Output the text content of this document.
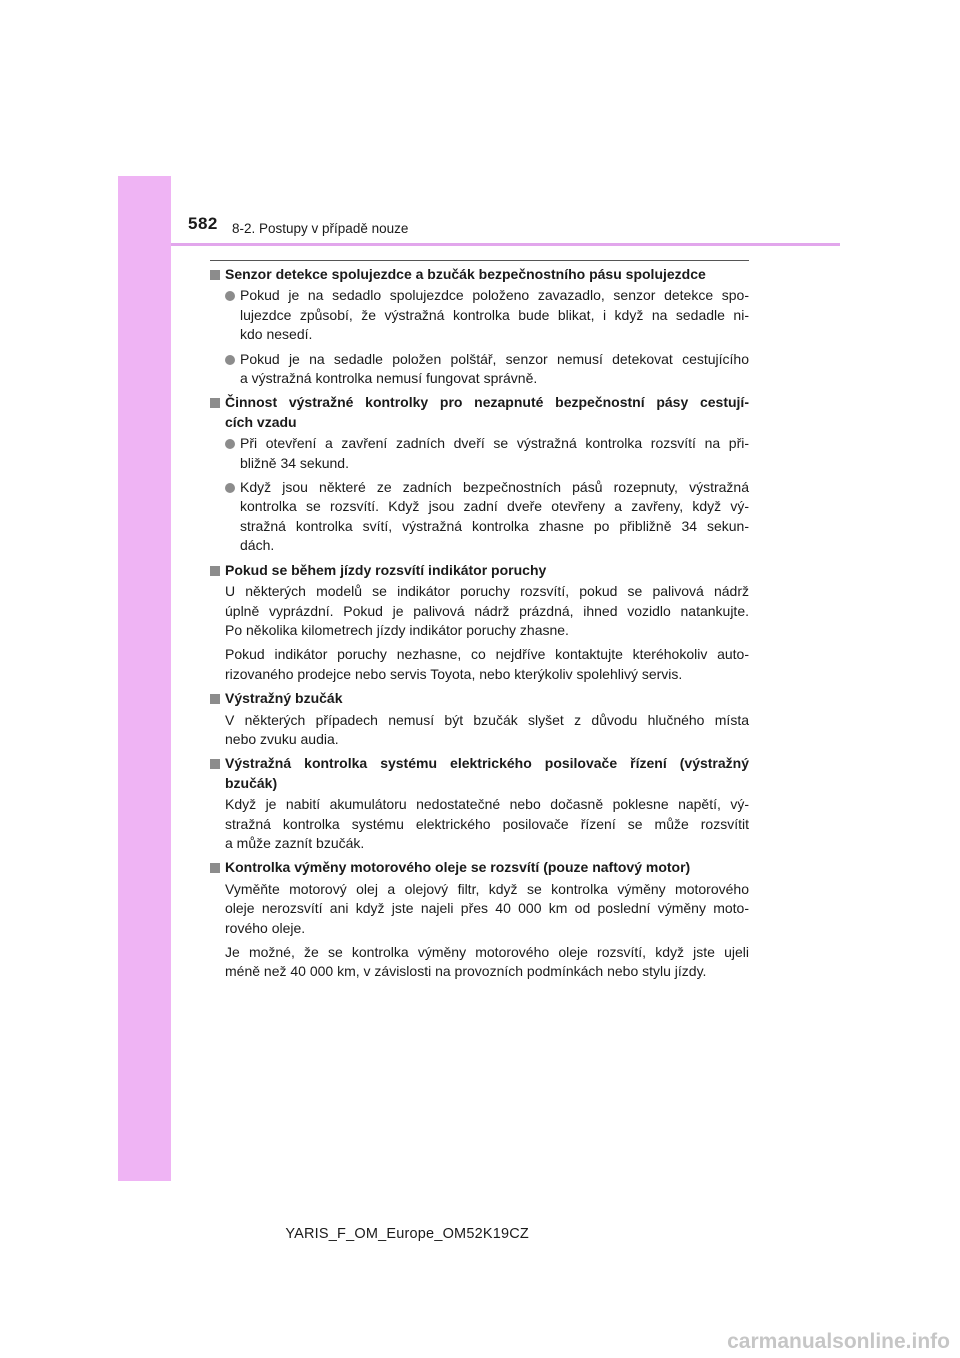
582 8-2. Postupy v případě nouze
Senzor detekce spolujezdce a bzučák bezpečnostního pásu spolujezdce
Pokud je na sedadlo spolujezdce položeno zavazadlo, senzor detekce spo-
lujezdce způsobí, že výstražná kontrolka bude blikat, i když na sedadle ni-
kdo nesedí.
Pokud je na sedadle položen polštář, senzor nemusí detekovat cestujícího
a výstražná kontrolka nemusí fungovat správně.
Činnost výstražné kontrolky pro nezapnuté bezpečnostní pásy cestují-
cích vzadu
Při otevření a zavření zadních dveří se výstražná kontrolka rozsvítí na při-
bližně 34 sekund.
Když jsou některé ze zadních bezpečnostních pásů rozepnuty, výstražná
kontrolka se rozsvítí. Když jsou zadní dveře otevřeny a zavřeny, když vý-
stražná kontrolka svítí, výstražná kontrolka zhasne po přibližně 34 sekun-
dách.
Pokud se během jízdy rozsvítí indikátor poruchy
U některých modelů se indikátor poruchy rozsvítí, pokud se palivová nádrž
úplně vyprázdní. Pokud je palivová nádrž prázdná, ihned vozidlo natankujte.
Po několika kilometrech jízdy indikátor poruchy zhasne.
Pokud indikátor poruchy nezhasne, co nejdříve kontaktujte kteréhokoliv auto-
rizovaného prodejce nebo servis Toyota, nebo kterýkoliv spolehlivý servis.
Výstražný bzučák
V některých případech nemusí být bzučák slyšet z důvodu hlučného místa
nebo zvuku audia.
Výstražná kontrolka systému elektrického posilovače řízení (výstražný
bzučák)
Když je nabití akumulátoru nedostatečné nebo dočasně poklesne napětí, vý-
stražná kontrolka systému elektrického posilovače řízení se může rozsvítit
a může zaznít bzučák.
Kontrolka výměny motorového oleje se rozsvítí (pouze naftový motor)
Vyměňte motorový olej a olejový filtr, když se kontrolka výměny motorového
oleje nerozsvítí ani když jste najeli přes 40 000 km od poslední výměny moto-
rového oleje.
Je možné, že se kontrolka výměny motorového oleje rozsvítí, když jste ujeli
méně než 40 000 km, v závislosti na provozních podmínkách nebo stylu jízdy.
YARIS_F_OM_Europe_OM52K19CZ
carmanualsonline.info
